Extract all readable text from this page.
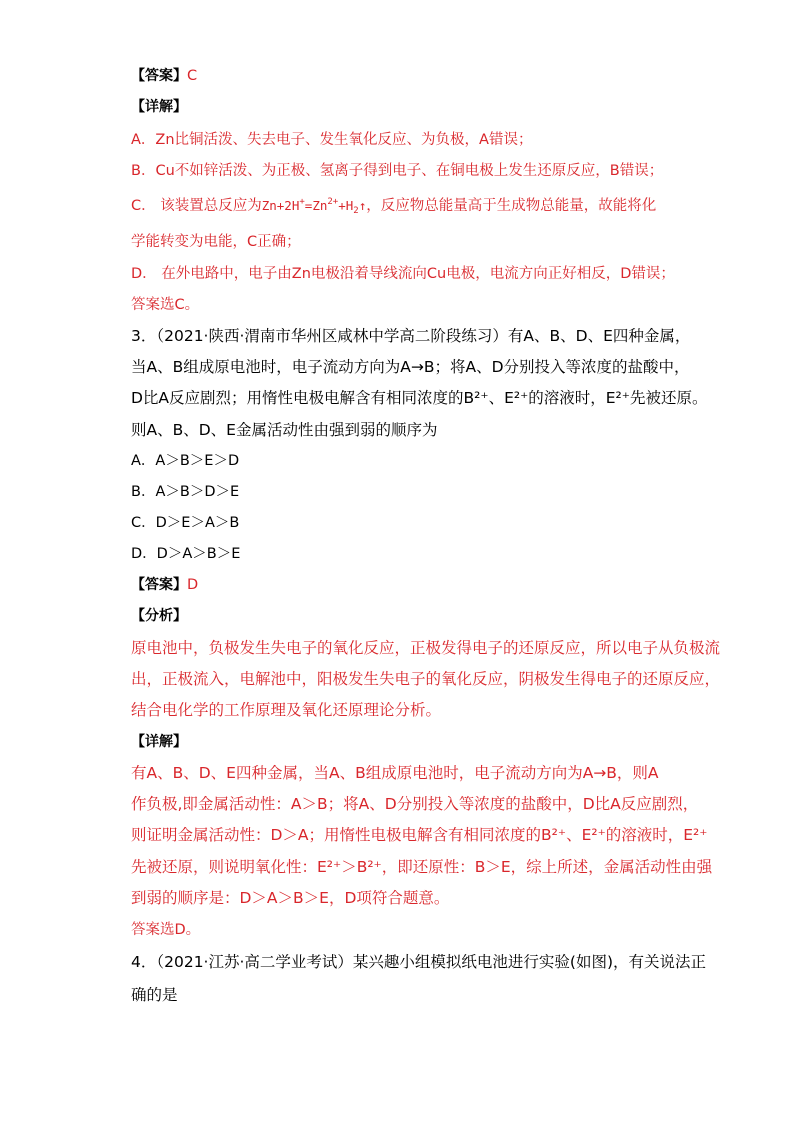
【答案】C
【详解】
A．Zn比铜活泼、失去电子、发生氧化反应、为负极，A错误；
B．Cu不如锌活泼、为正极、氢离子得到电子、在铜电极上发生还原反应，B错误；
C． 该装置总反应为$Zn+2H^+=Zn^{2+}+H_2↑$，反应物总能量高于生成物总能量，故能将化
学能转变为电能，C正确；
D． 在外电路中，电子由Zn电极沿着导线流向Cu电极，电流方向正好相反，D错误；
答案选C。
3．（2021·陕西·渭南市华州区咸林中学高二阶段练习）有A、B、D、E四种金属，
当A、B组成原电池时，电子流动方向为A→B；将A、D分别投入等浓度的盐酸中，
D比A反应剧烈；用惰性电极电解含有相同浓度的B²⁺、E²⁺的溶液时，E²⁺先被还原。
则A、B、D、E金属活动性由强到弱的顺序为
A．A＞B＞E＞D
B．A＞B＞D＞E
C．D＞E＞A＞B
D．D＞A＞B＞E
【答案】D
【分析】
原电池中，负极发生失电子的氧化反应，正极发得电子的还原反应，所以电子从负极流
出，正极流入，电解池中，阳极发生失电子的氧化反应，阴极发生得电子的还原反应，
结合电化学的工作原理及氧化还原理论分析。
【详解】
有A、B、D、E四种金属，当A、B组成原电池时，电子流动方向为A→B，则A
作负极,即金属活动性：A＞B；将A、D分别投入等浓度的盐酸中，D比A反应剧烈，
则证明金属活动性：D＞A；用惰性电极电解含有相同浓度的B²⁺、E²⁺的溶液时，E²⁺
先被还原，则说明氧化性：E²⁺＞B²⁺，即还原性：B＞E，综上所述，金属活动性由强
到弱的顺序是：D＞A＞B＞E，D项符合题意。
答案选D。
4．（2021·江苏·高二学业考试）某兴趣小组模拟纸电池进行实验(如图)，有关说法正
确的是
